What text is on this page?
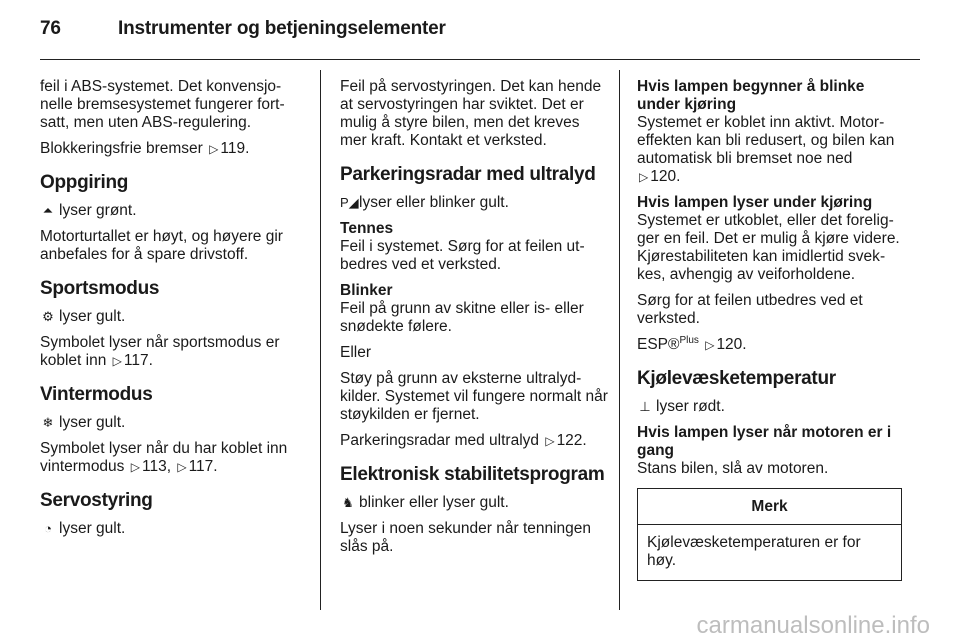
76	Instrumenter og betjeningselementer

feil i ABS-systemet. Det konvensjonelle bremsesystemet fungerer fortsatt, men uten ABS-regulering.

Blokkeringsfrie bremser ▷ 119.

Oppgiring

⏶ lyser grønt.

Motorturtallet er høyt, og høyere gir anbefales for å spare drivstoff.

Sportsmodus

⚙ lyser gult.

Symbolet lyser når sportsmodus er koblet inn ▷ 117.

Vintermodus

❄ lyser gult.

Symbolet lyser når du har koblet inn vintermodus ▷ 113, ▷ 117.

Servostyring

◔ lyser gult.

Feil på servostyringen. Det kan hende at servostyringen har sviktet. Det er mulig å styre bilen, men det kreves mer kraft. Kontakt et verksted.

Parkeringsradar med ultralyd

P◢lyser eller blinker gult.

Tennes

Feil i systemet. Sørg for at feilen utbedres ved et verksted.

Blinker

Feil på grunn av skitne eller is- eller snødekte følere.

Eller

Støy på grunn av eksterne ultralydkilder. Systemet vil fungere normalt når støykilden er fjernet.

Parkeringsradar med ultralyd ▷ 122.

Elektronisk stabilitetsprogram

♞ blinker eller lyser gult.

Lyser i noen sekunder når tenningen slås på.

Hvis lampen begynner å blinke under kjøring

Systemet er koblet inn aktivt. Motoreffekten kan bli redusert, og bilen kan automatisk bli bremset noe ned
▷ 120.

Hvis lampen lyser under kjøring

Systemet er utkoblet, eller det foreligger en feil. Det er mulig å kjøre videre. Kjørestabiliteten kan imidlertid svekkes, avhengig av veiforholdene.

Sørg for at feilen utbedres ved et verksted.

ESP®$^{Plus}$ ▷ 120.

Kjølevæsketemperatur

⊥ lyser rødt.

Hvis lampen lyser når motoren er i gang

Stans bilen, slå av motoren.

Merk
Kjølevæsketemperaturen er for høy.
carmanualsonline.info
